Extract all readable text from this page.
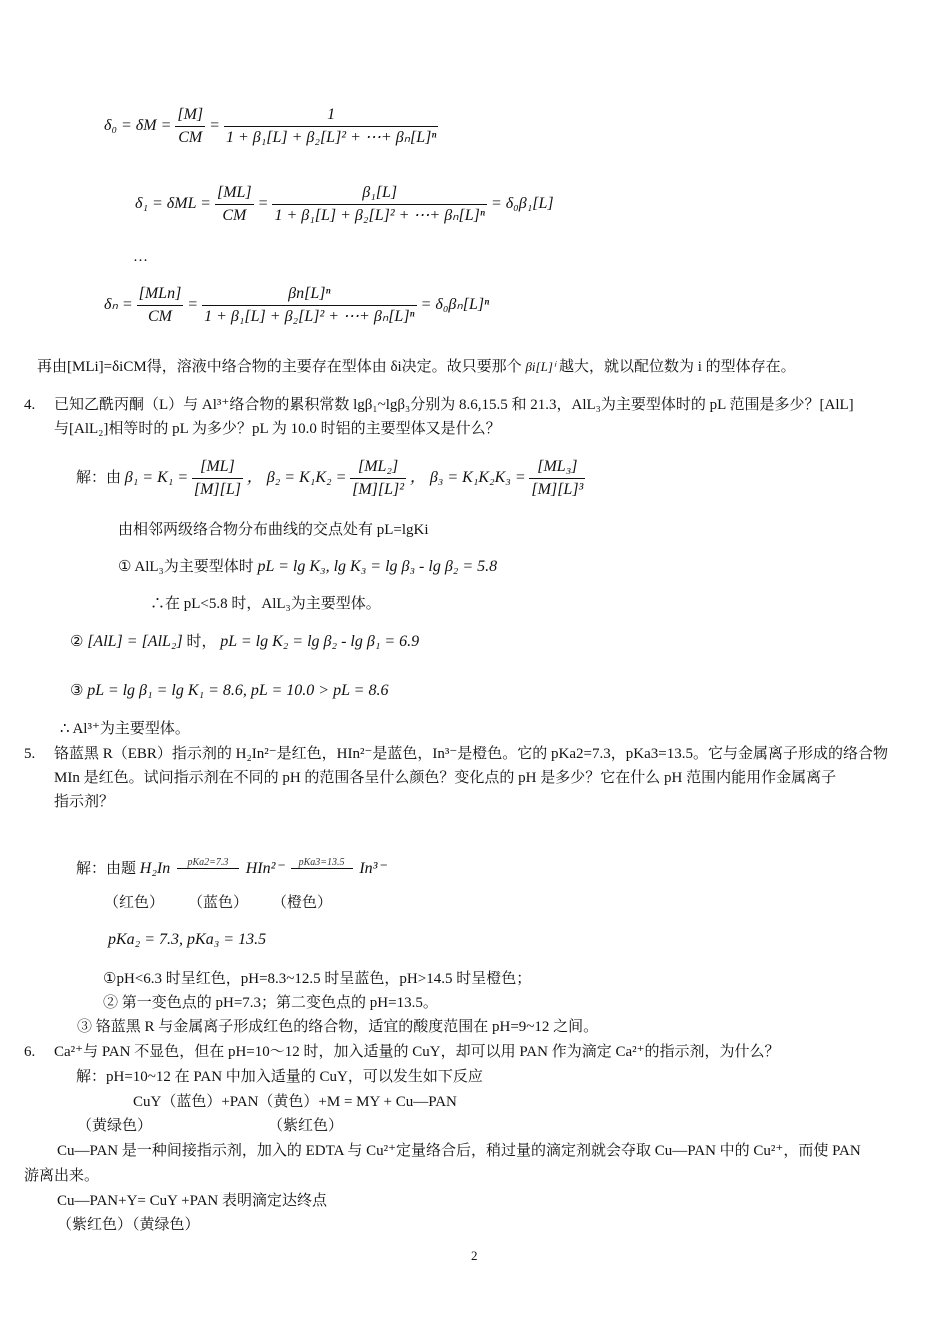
$\delta_0 = \delta M = \frac{[M]}{CM} = \frac{1}{\text{1 + β₁[L] + β₂[L]² + ⋯+ βₙ[L]ⁿ}}$
$\delta_1 = \delta ML = \frac{[ML]}{CM} = \frac{\text{β₁[L]}}{\text{1 + β₁[L] + β₂[L]² + ⋯+ βₙ[L]ⁿ}} = \delta_0\beta_1[L]$
…
$\delta_n = \frac{\text{[MLn]}}{CM} = \frac{\text{βn[L]ⁿ}}{\text{1 + β₁[L] + β₂[L]² + ⋯+ βₙ[L]ⁿ}} = \delta_0\beta_n[L]^n$
再由[MLi]=δiCM得，溶液中络合物的主要存在型体由 δi决定。故只要那个 βi[L]ⁱ 越大，就以配位数为 i 的型体存在。
4. 已知乙酰丙酮（L）与 Al³⁺络合物的累积常数 lgβ₁~lgβ₃分别为 8.6,15.5 和 21.3，AlL₃为主要型体时的 pL 范围是多少？[AlL]
与[AlL₂]相等时的 pL 为多少？pL 为 10.0 时铝的主要型体又是什么？
解：由 $\beta_1 = K_1 = \frac{[ML]}{[M][L]}$ ， $\beta_2 = K_1K_2 = \frac{\text{[ML₂]}}{\text{[M][L]²}}$ ， $\beta_3 = K_1K_2K_3 = \frac{\text{[ML₃]}}{\text{[M][L]³}}$
由相邻两级络合物分布曲线的交点处有 pL=lgKi
① AlL₃为主要型体时 pL = lg K₃, lg K₃ = lg β₃ - lg β₂ = 5.8
∴在 pL<5.8 时，AlL₃为主要型体。
② [AlL] = [AlL₂] 时， pL = lg K₂ = lg β₂ - lg β₁ = 6.9
③ pL = lg β₁ = lg K₁ = 8.6, pL = 10.0 > pL = 8.6
∴ Al³⁺为主要型体。
5. 铬蓝黑 R（EBR）指示剂的 H₂In²⁻是红色，HIn²⁻是蓝色，In³⁻是橙色。它的 pKa2=7.3，pKa3=13.5。它与金属离子形成的络合物
MIn 是红色。试问指示剂在不同的 pH 的范围各呈什么颜色？变化点的 pH 是多少？它在什么 pH 范围内能用作金属离子
指示剂？
解：由题 H₂In	pKa2=7.3	HIn²⁻	pKa3=13.5 In³⁻
（红色） （蓝色） （橙色）
pKa₂ = 7.3, pKa₃ = 13.5
①pH<6.3 时呈红色，pH=8.3~12.5 时呈蓝色，pH>14.5 时呈橙色；
② 第一变色点的 pH=7.3；第二变色点的 pH=13.5。
③ 铬蓝黑 R 与金属离子形成红色的络合物，适宜的酸度范围在 pH=9~12 之间。
6. Ca²⁺与 PAN 不显色，但在 pH=10～12 时，加入适量的 CuY，却可以用 PAN 作为滴定 Ca²⁺的指示剂，为什么？
解：pH=10~12 在 PAN 中加入适量的 CuY，可以发生如下反应
CuY（蓝色）+PAN（黄色）+M = MY + Cu—PAN
（黄绿色）	（紫红色）
Cu—PAN 是一种间接指示剂，加入的 EDTA 与 Cu²⁺定量络合后，稍过量的滴定剂就会夺取 Cu—PAN 中的 Cu²⁺，而使 PAN
游离出来。
Cu—PAN+Y= CuY +PAN 表明滴定达终点
（紫红色）（黄绿色）
2
